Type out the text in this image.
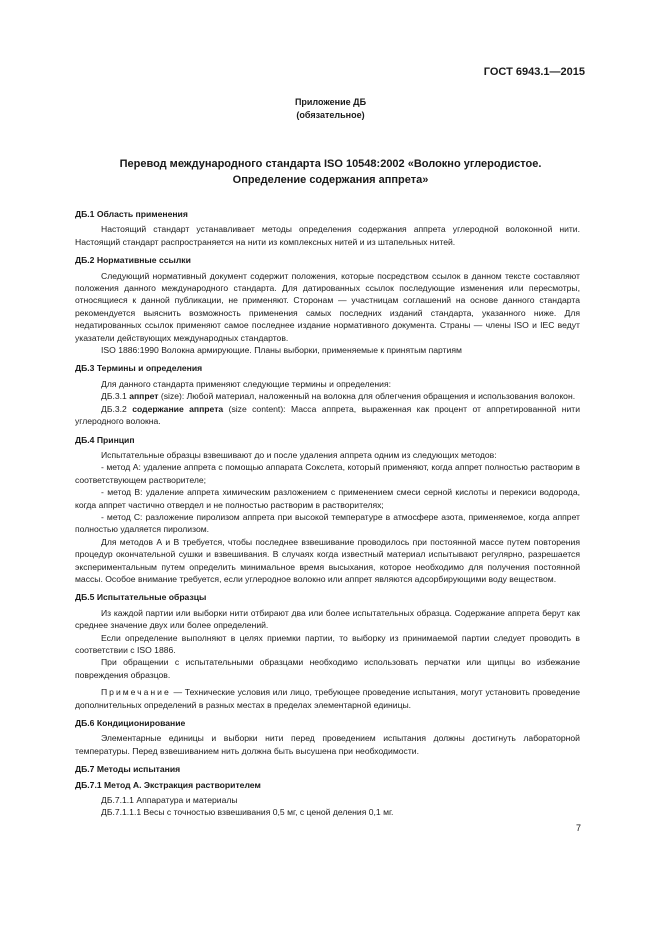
ГОСТ 6943.1—2015
Приложение ДБ
(обязательное)
Перевод международного стандарта ISO 10548:2002 «Волокно углеродистое.
Определение содержания аппрета»
ДБ.1 Область применения

Настоящий стандарт устанавливает методы определения содержания аппрета углеродной волоконной нити. Настоящий стандарт распространяется на нити из комплексных нитей и из штапельных нитей.

ДБ.2 Нормативные ссылки

Следующий нормативный документ содержит положения, которые посредством ссылок в данном тексте составляют положения данного международного стандарта. Для датированных ссылок последующие изменения или пересмотры, относящиеся к данной публикации, не применяют. Сторонам — участницам соглашений на основе данного стандарта рекомендуется выяснить возможность применения самых последних изданий стандарта, указанного ниже. Для недатированных ссылок применяют самое последнее издание нормативного документа. Страны — члены ISO и IEC ведут указатели действующих международных стандартов.

ISO 1886:1990 Волокна армирующие. Планы выборки, применяемые к принятым партиям

ДБ.3 Термины и определения

Для данного стандарта применяют следующие термины и определения:

ДБ.3.1 аппрет (size): Любой материал, наложенный на волокна для облегчения обращения и использования волокон.

ДБ.3.2 содержание аппрета (size content): Масса аппрета, выраженная как процент от аппретированной нити углеродного волокна.

ДБ.4 Принцип

Испытательные образцы взвешивают до и после удаления аппрета одним из следующих методов:

- метод А: удаление аппрета с помощью аппарата Сокслета, который применяют, когда аппрет полностью растворим в соответствующем растворителе;

- метод В: удаление аппрета химическим разложением с применением смеси серной кислоты и перекиси водорода, когда аппрет частично отвердел и не полностью растворим в растворителях;

- метод С: разложение пиролизом аппрета при высокой температуре в атмосфере азота, применяемое, когда аппрет полностью удаляется пиролизом.

Для методов А и В требуется, чтобы последнее взвешивание проводилось при постоянной массе путем повторения процедур окончательной сушки и взвешивания. В случаях когда известный материал испытывают регулярно, разрешается экспериментальным путем определить минимальное время высыхания, которое необходимо для получения постоянной массы. Особое внимание требуется, если углеродное волокно или аппрет являются адсорбирующими воду веществом.

ДБ.5 Испытательные образцы

Из каждой партии или выборки нити отбирают два или более испытательных образца. Содержание аппрета берут как среднее значение двух или более определений.

Если определение выполняют в целях приемки партии, то выборку из принимаемой партии следует проводить в соответствии с ISO 1886.

При обращении с испытательными образцами необходимо использовать перчатки или щипцы во избежание повреждения образцов.

Примечание — Технические условия или лицо, требующее проведение испытания, могут установить проведение дополнительных определений в разных местах в пределах элементарной единицы.

ДБ.6 Кондиционирование

Элементарные единицы и выборки нити перед проведением испытания должны достигнуть лабораторной температуры. Перед взвешиванием нить должна быть высушена при необходимости.

ДБ.7 Методы испытания
ДБ.7.1 Метод А. Экстракция растворителем

ДБ.7.1.1 Аппаратура и материалы

ДБ.7.1.1.1 Весы с точностью взвешивания 0,5 мг, с ценой деления 0,1 мг.

7
